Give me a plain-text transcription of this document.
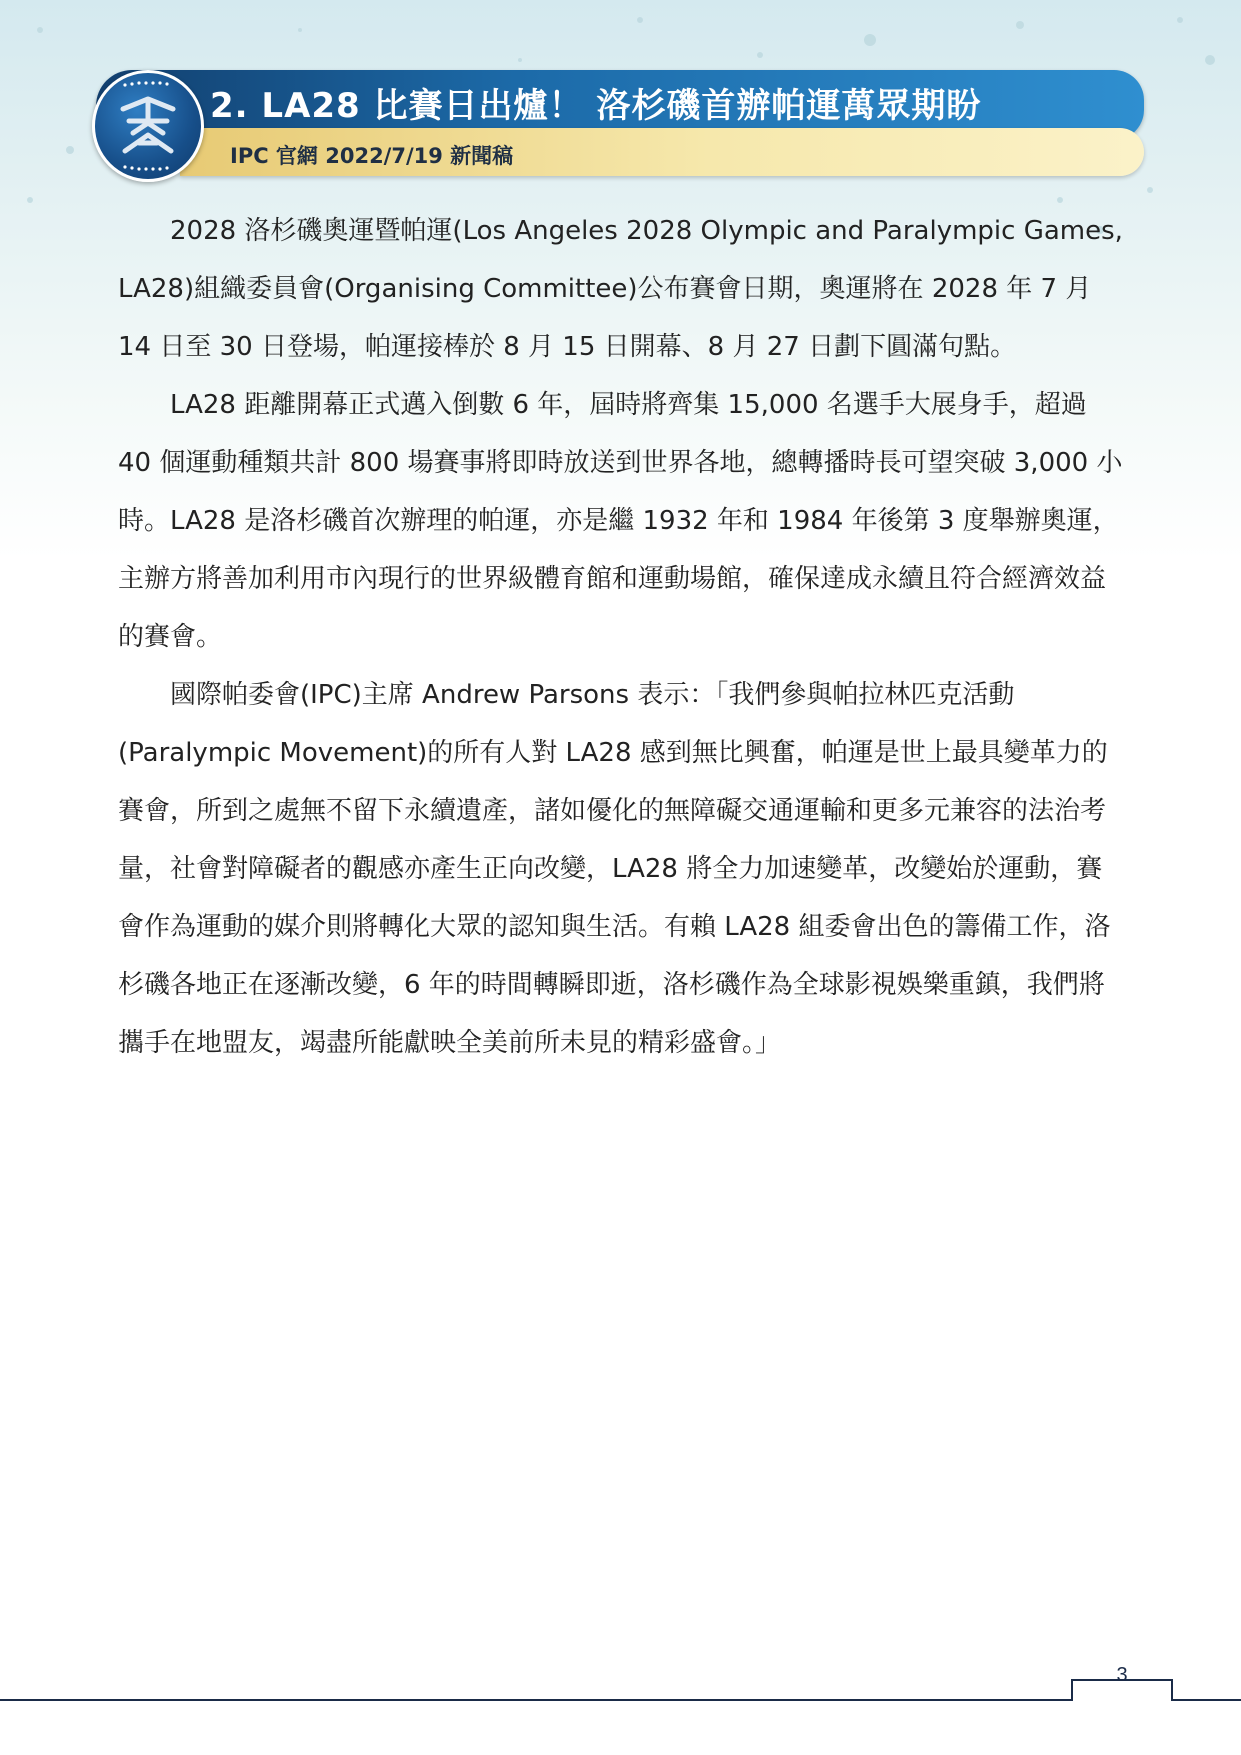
2. LA28 比賽日出爐！ 洛杉磯首辦帕運萬眾期盼
IPC 官網 2022/7/19 新聞稿

2028 洛杉磯奧運暨帕運(Los Angeles 2028 Olympic and Paralympic Games, LA28)組織委員會(Organising Committee)公布賽會日期，奧運將在 2028 年 7 月 14 日至 30 日登場，帕運接棒於 8 月 15 日開幕、8 月 27 日劃下圓滿句點。

LA28 距離開幕正式邁入倒數 6 年，屆時將齊集 15,000 名選手大展身手，超過 40 個運動種類共計 800 場賽事將即時放送到世界各地，總轉播時長可望突破 3,000 小時。LA28 是洛杉磯首次辦理的帕運，亦是繼 1932 年和 1984 年後第 3 度舉辦奧運，主辦方將善加利用市內現行的世界級體育館和運動場館，確保達成永續且符合經濟效益的賽會。

國際帕委會(IPC)主席 Andrew Parsons 表示：「我們參與帕拉林匹克活動(Paralympic Movement)的所有人對 LA28 感到無比興奮，帕運是世上最具變革力的賽會，所到之處無不留下永續遺產，諸如優化的無障礙交通運輸和更多元兼容的法治考量，社會對障礙者的觀感亦產生正向改變，LA28 將全力加速變革，改變始於運動，賽會作為運動的媒介則將轉化大眾的認知與生活。有賴 LA28 組委會出色的籌備工作，洛杉磯各地正在逐漸改變，6 年的時間轉瞬即逝，洛杉磯作為全球影視娛樂重鎮，我們將攜手在地盟友，竭盡所能獻映全美前所未見的精彩盛會。」

3
